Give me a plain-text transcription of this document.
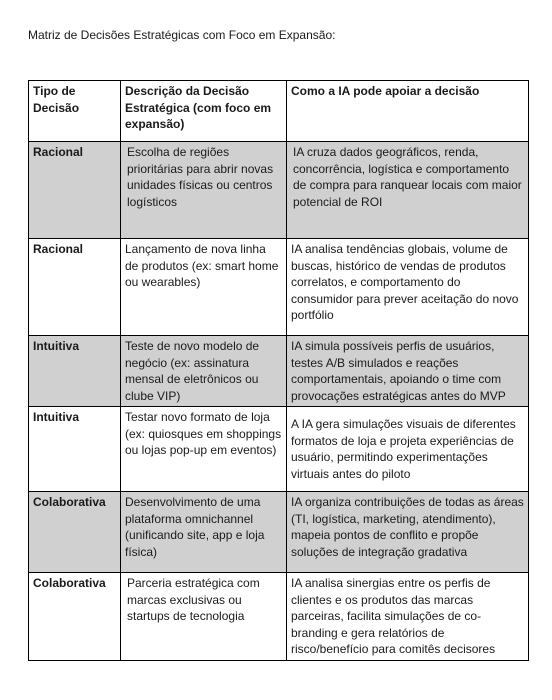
Matriz de Decisões Estratégicas com Foco em Expansão:
Tipo de Decisão	Descrição da Decisão Estratégica (com foco em expansão)	Como a IA pode apoiar a decisão
Racional	Escolha de regiões prioritárias para abrir novas unidades físicas ou centros logísticos	IA cruza dados geográficos, renda, concorrência, logística e comportamento de compra para ranquear locais com maior potencial de ROI
Racional	Lançamento de nova linha de produtos (ex: smart home ou wearables)	IA analisa tendências globais, volume de buscas, histórico de vendas de produtos correlatos, e comportamento do consumidor para prever aceitação do novo portfólio
Intuitiva	Teste de novo modelo de negócio (ex: assinatura mensal de eletrônicos ou clube VIP)	IA simula possíveis perfis de usuários, testes A/B simulados e reações comportamentais, apoiando o time com provocações estratégicas antes do MVP
Intuitiva	Testar novo formato de loja (ex: quiosques em shoppings ou lojas pop-up em eventos)	A IA gera simulações visuais de diferentes formatos de loja e projeta experiências de usuário, permitindo experimentações virtuais antes do piloto
Colaborativa	Desenvolvimento de uma plataforma omnichannel (unificando site, app e loja física)	IA organiza contribuições de todas as áreas (TI, logística, marketing, atendimento), mapeia pontos de conflito e propõe soluções de integração gradativa
Colaborativa	Parceria estratégica com marcas exclusivas ou startups de tecnologia	IA analisa sinergias entre os perfis de clientes e os produtos das marcas parceiras, facilita simulações de co-branding e gera relatórios de risco/benefício para comitês decisores
